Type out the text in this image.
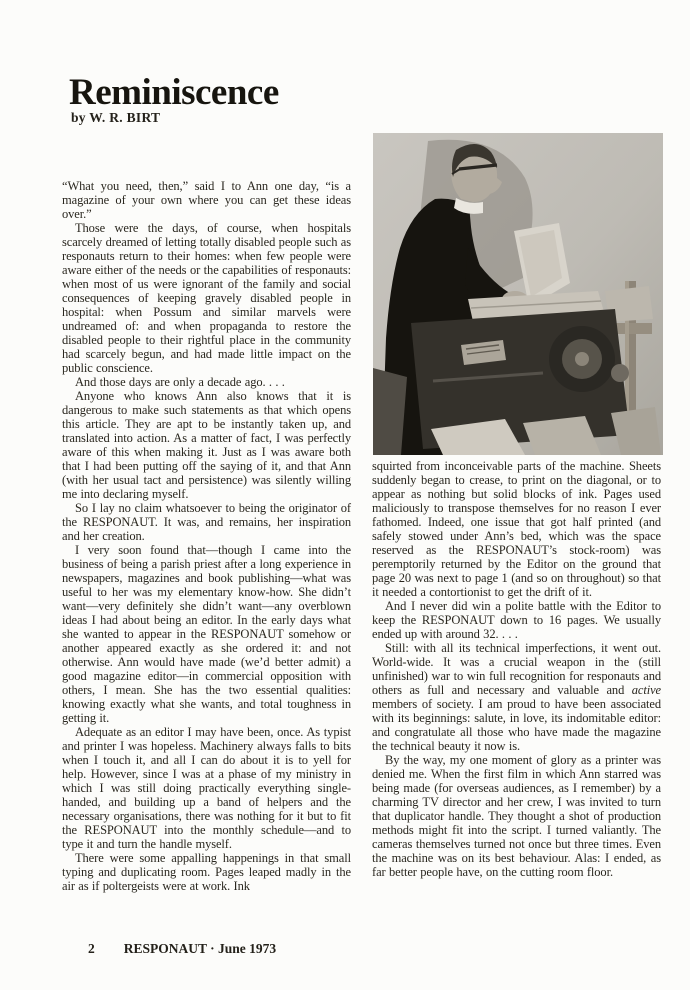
Reminiscence
by W. R. BIRT

“What you need, then,” said I to Ann one day, “is a magazine of your own where you can get these ideas over.”

Those were the days, of course, when hospitals scarcely dreamed of letting totally disabled people such as responauts return to their homes: when few people were aware either of the needs or the capabilities of responauts: when most of us were ignorant of the family and social consequences of keeping gravely disabled people in hospital: when Possum and similar marvels were undreamed of: and when propaganda to restore the disabled people to their rightful place in the community had scarcely begun, and had made little impact on the public conscience.

And those days are only a decade ago. . . .

Anyone who knows Ann also knows that it is dangerous to make such statements as that which opens this article. They are apt to be instantly taken up, and translated into action. As a matter of fact, I was perfectly aware of this when making it. Just as I was aware both that I had been putting off the saying of it, and that Ann (with her usual tact and persistence) was silently willing me into declaring myself.

So I lay no claim whatsoever to being the originator of the RESPONAUT. It was, and remains, her inspiration and her creation.

I very soon found that—though I came into the business of being a parish priest after a long experience in newspapers, magazines and book publishing—what was useful to her was my elementary know-how. She didn’t want—very definitely she didn’t want—any overblown ideas I had about being an editor. In the early days what she wanted to appear in the RESPONAUT somehow or another appeared exactly as she ordered it: and not otherwise. Ann would have made (we’d better admit) a good magazine editor—in commercial opposition with others, I mean. She has the two essential qualities: knowing exactly what she wants, and total toughness in getting it.

Adequate as an editor I may have been, once. As typist and printer I was hopeless. Machinery always falls to bits when I touch it, and all I can do about it is to yell for help. However, since I was at a phase of my ministry in which I was still doing practically everything single-handed, and building up a band of helpers and the necessary organisations, there was nothing for it but to fit the RESPONAUT into the monthly schedule—and to type it and turn the handle myself.

There were some appalling happenings in that small typing and duplicating room. Pages leaped madly in the air as if poltergeists were at work. Ink

squirted from inconceivable parts of the machine. Sheets suddenly began to crease, to print on the diagonal, or to appear as nothing but solid blocks of ink. Pages used maliciously to transpose themselves for no reason I ever fathomed. Indeed, one issue that got half printed (and safely stowed under Ann’s bed, which was the space reserved as the RESPONAUT’s stock-room) was peremptorily returned by the Editor on the ground that page 20 was next to page 1 (and so on throughout) so that it needed a contortionist to get the drift of it.

And I never did win a polite battle with the Editor to keep the RESPONAUT down to 16 pages. We usually ended up with around 32. . . .

Still: with all its technical imperfections, it went out. World-wide. It was a crucial weapon in the (still unfinished) war to win full recognition for responauts and others as full and necessary and valuable and active members of society. I am proud to have been associated with its beginnings: salute, in love, its indomitable editor: and congratulate all those who have made the magazine the technical beauty it now is.

By the way, my one moment of glory as a printer was denied me. When the first film in which Ann starred was being made (for overseas audiences, as I remember) by a charming TV director and her crew, I was invited to turn that duplicator handle. They thought a shot of production methods might fit into the script. I turned valiantly. The cameras themselves turned not once but three times. Even the machine was on its best behaviour. Alas: I ended, as far better people have, on the cutting room floor.

2 RESPONAUT · June 1973
